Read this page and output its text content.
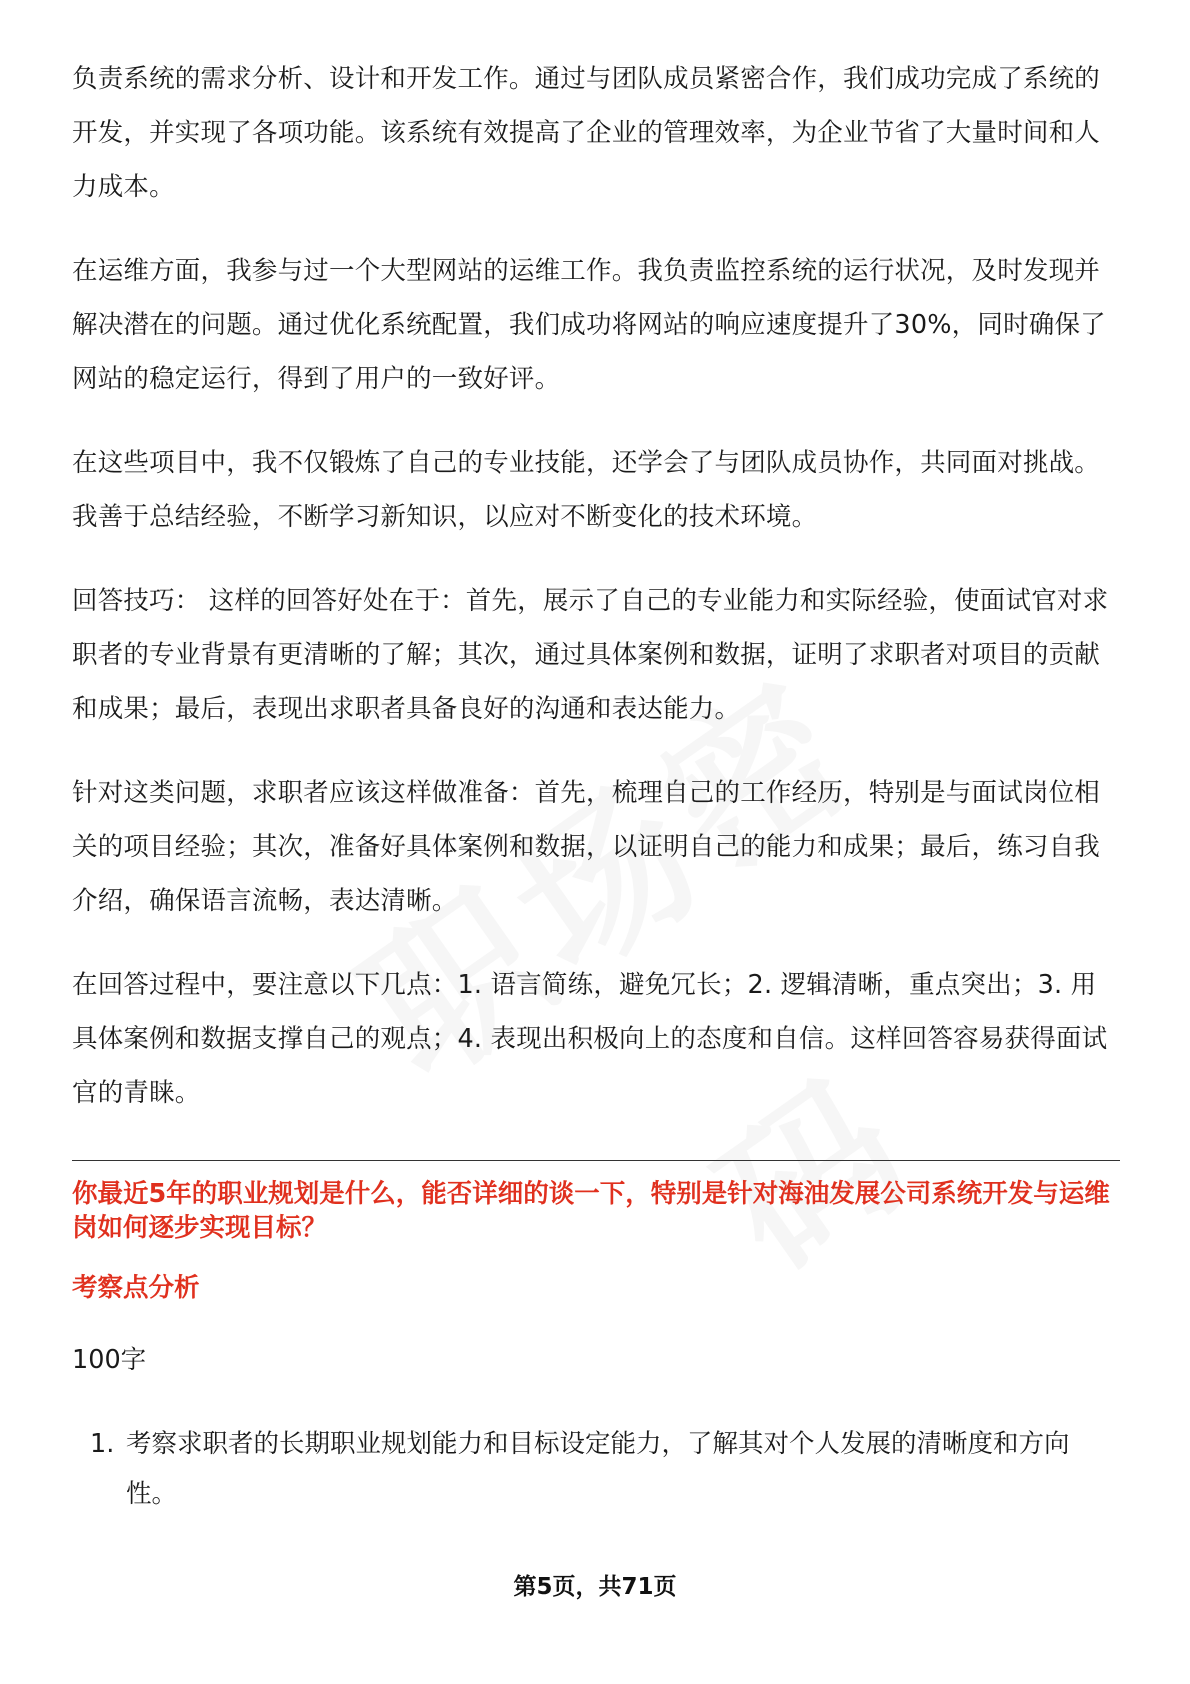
负责系统的需求分析、设计和开发工作。通过与团队成员紧密合作，我们成功完成了系统的开发，并实现了各项功能。该系统有效提高了企业的管理效率，为企业节省了大量时间和人力成本。

在运维方面，我参与过一个大型网站的运维工作。我负责监控系统的运行状况，及时发现并解决潜在的问题。通过优化系统配置，我们成功将网站的响应速度提升了30%，同时确保了网站的稳定运行，得到了用户的一致好评。

在这些项目中，我不仅锻炼了自己的专业技能，还学会了与团队成员协作，共同面对挑战。我善于总结经验，不断学习新知识，以应对不断变化的技术环境。

回答技巧： 这样的回答好处在于：首先，展示了自己的专业能力和实际经验，使面试官对求职者的专业背景有更清晰的了解；其次，通过具体案例和数据，证明了求职者对项目的贡献和成果；最后，表现出求职者具备良好的沟通和表达能力。

针对这类问题，求职者应该这样做准备：首先，梳理自己的工作经历，特别是与面试岗位相关的项目经验；其次，准备好具体案例和数据，以证明自己的能力和成果；最后，练习自我介绍，确保语言流畅，表达清晰。

在回答过程中，要注意以下几点：1. 语言简练，避免冗长；2. 逻辑清晰，重点突出；3. 用具体案例和数据支撑自己的观点；4. 表现出积极向上的态度和自信。这样回答容易获得面试官的青睐。

你最近5年的职业规划是什么，能否详细的谈一下，特别是针对海油发展公司系统开发与运维岗如何逐步实现目标？

考察点分析

100字

1. 考察求职者的长期职业规划能力和目标设定能力，了解其对个人发展的清晰度和方向性。
第5页，共71页
